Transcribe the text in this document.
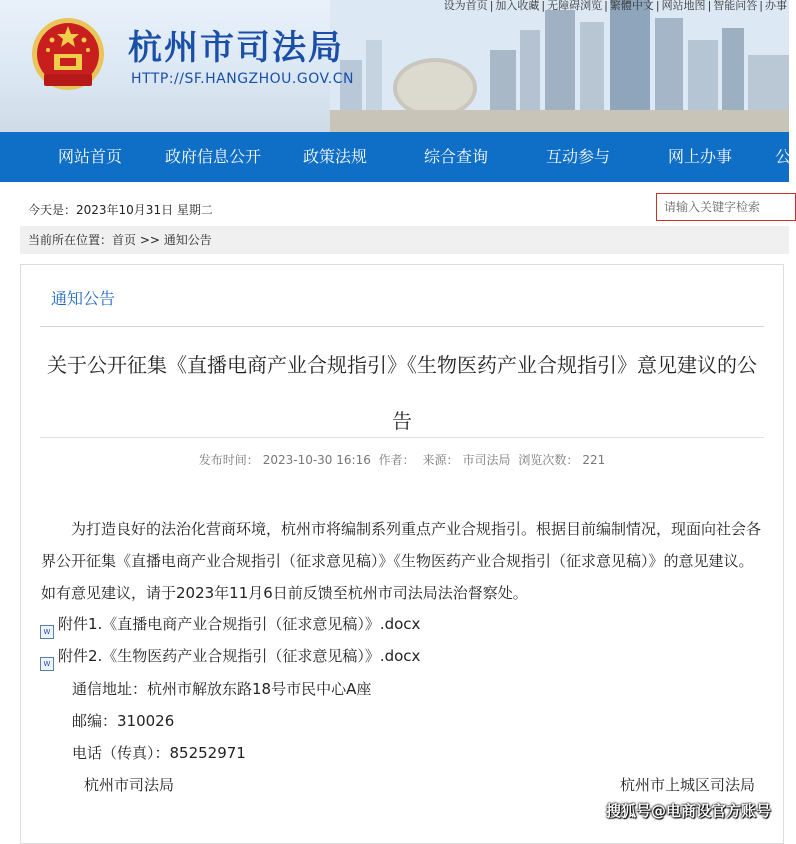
设为首页 | 加入收藏 | 无障碍浏览 | 繁體中文 | 网站地图 | 智能问答 | 办事
杭州市司法局
HTTP://SF.HANGZHOU.GOV.CN
网站首页	政府信息公开	政策法规	综合查询	互动参与	网上办事	公
今天是：2023年10月31日 星期二
请输入关键字检索
当前所在位置：首页 >> 通知公告
通知公告
关于公开征集《直播电商产业合规指引》《生物医药产业合规指引》意见建议的公告
发布时间： 2023-10-30 16:16 作者： 来源： 市司法局 浏览次数： 221
为打造良好的法治化营商环境，杭州市将编制系列重点产业合规指引。根据目前编制情况，现面向社会各界公开征集《直播电商产业合规指引（征求意见稿）》《生物医药产业合规指引（征求意见稿）》的意见建议。如有意见建议，请于2023年11月6日前反馈至杭州市司法局法治督察处。
W 附件1.《直播电商产业合规指引（征求意见稿）》.docx
W 附件2.《生物医药产业合规指引（征求意见稿）》.docx
通信地址：杭州市解放东路18号市民中心A座
邮编：310026
电话（传真）：85252971
杭州市司法局	杭州市上城区司法局
搜狐号@电商设官方账号
